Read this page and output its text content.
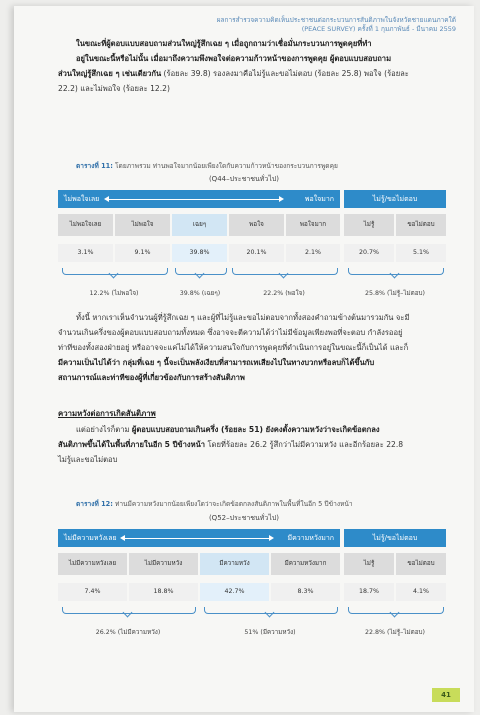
ผลการสำรวจความคิดเห็นประชาชนต่อกระบวนการสันติภาพในจังหวัดชายแดนภาคใต้
(PEACE SURVEY) ครั้งที่ 1 กุมภาพันธ์ - มีนาคม 2559
ในขณะที่ผู้ตอบแบบสอบถามส่วนใหญ่รู้สึกเฉย ๆ เมื่อถูกถามว่าเชื่อมั่นกระบวนการพูดคุยที่ทำ
อยู่ในขณะนี้หรือไม่นั้น เมื่อมาถึงความพึงพอใจต่อความก้าวหน้าของการพูดคุย ผู้ตอบแบบสอบถาม
ส่วนใหญ่รู้สึกเฉย ๆ เช่นเดียวกัน (ร้อยละ 39.8) รองลงมาคือไม่รู้และขอไม่ตอบ (ร้อยละ 25.8) พอใจ (ร้อยละ
22.2) และไม่พอใจ (ร้อยละ 12.2)
ตารางที่ 11: โดยภาพรวม ท่านพอใจมากน้อยเพียงใดกับความก้าวหน้าของกระบวนการพูดคุย
(Q44–ประชาชนทั่วไป)
ไม่พอใจเลย	พอใจมาก	ไม่รู้/ขอไม่ตอบ
ไม่พอใจเลย	ไม่พอใจ	เฉยๆ	พอใจ	พอใจมาก	ไม่รู้	ขอไม่ตอบ
3.1%	9.1%	39.8%	20.1%	2.1%	20.7%	5.1%
12.2% (ไม่พอใจ)	39.8% (เฉยๆ)	22.2% (พอใจ)	25.8% (ไม่รู้–ไม่ตอบ)
ทั้งนี้ หากเราเห็นจำนวนผู้ที่รู้สึกเฉย ๆ และผู้ที่ไม่รู้และขอไม่ตอบจากทั้งสองคำถามข้างต้นมารวมกัน จะมี
จำนวนเกินครึ่งของผู้ตอบแบบสอบถามทั้งหมด ซึ่งอาจจะตีความได้ว่าไม่มีข้อมูลเพียงพอที่จะตอบ กำลังรออยู่
ท่าทีของทั้งสองฝ่ายอยู่ หรืออาจจะแค่ไม่ได้ให้ความสนใจกับการพูดคุยที่ดำเนินการอยู่ในขณะนี้ก็เป็นได้ และก็
มีความเป็นไปได้ว่า กลุ่มที่เฉย ๆ นี้จะเป็นพลังเงียบที่สามารถเทเสียงไปในทางบวกหรือลบก็ได้ขึ้นกับ
สถานการณ์และท่าทีของผู้ที่เกี่ยวข้องกับการสร้างสันติภาพ
ความหวังต่อการเกิดสันติภาพ
แต่อย่างไรก็ตาม ผู้ตอบแบบสอบถามเกินครึ่ง (ร้อยละ 51) ยังคงตั้งความหวังว่าจะเกิดข้อตกลง
สันติภาพขึ้นได้ในพื้นที่ภายในอีก 5 ปีข้างหน้า โดยที่ร้อยละ 26.2 รู้สึกว่าไม่มีความหวัง และอีกร้อยละ 22.8
ไม่รู้และขอไม่ตอบ
ตารางที่ 12: ท่านมีความหวังมากน้อยเพียงใดว่าจะเกิดข้อตกลงสันติภาพในพื้นที่ในอีก 5 ปีข้างหน้า
(Q52–ประชาชนทั่วไป)
ไม่มีความหวังเลย	มีความหวังมาก	ไม่รู้/ขอไม่ตอบ
ไม่มีความหวังเลย	ไม่มีความหวัง	มีความหวัง	มีความหวังมาก	ไม่รู้	ขอไม่ตอบ
7.4%	18.8%	42.7%	8.3%	18.7%	4.1%
26.2% (ไม่มีความหวัง)	51% (มีความหวัง)	22.8% (ไม่รู้–ไม่ตอบ)
41
